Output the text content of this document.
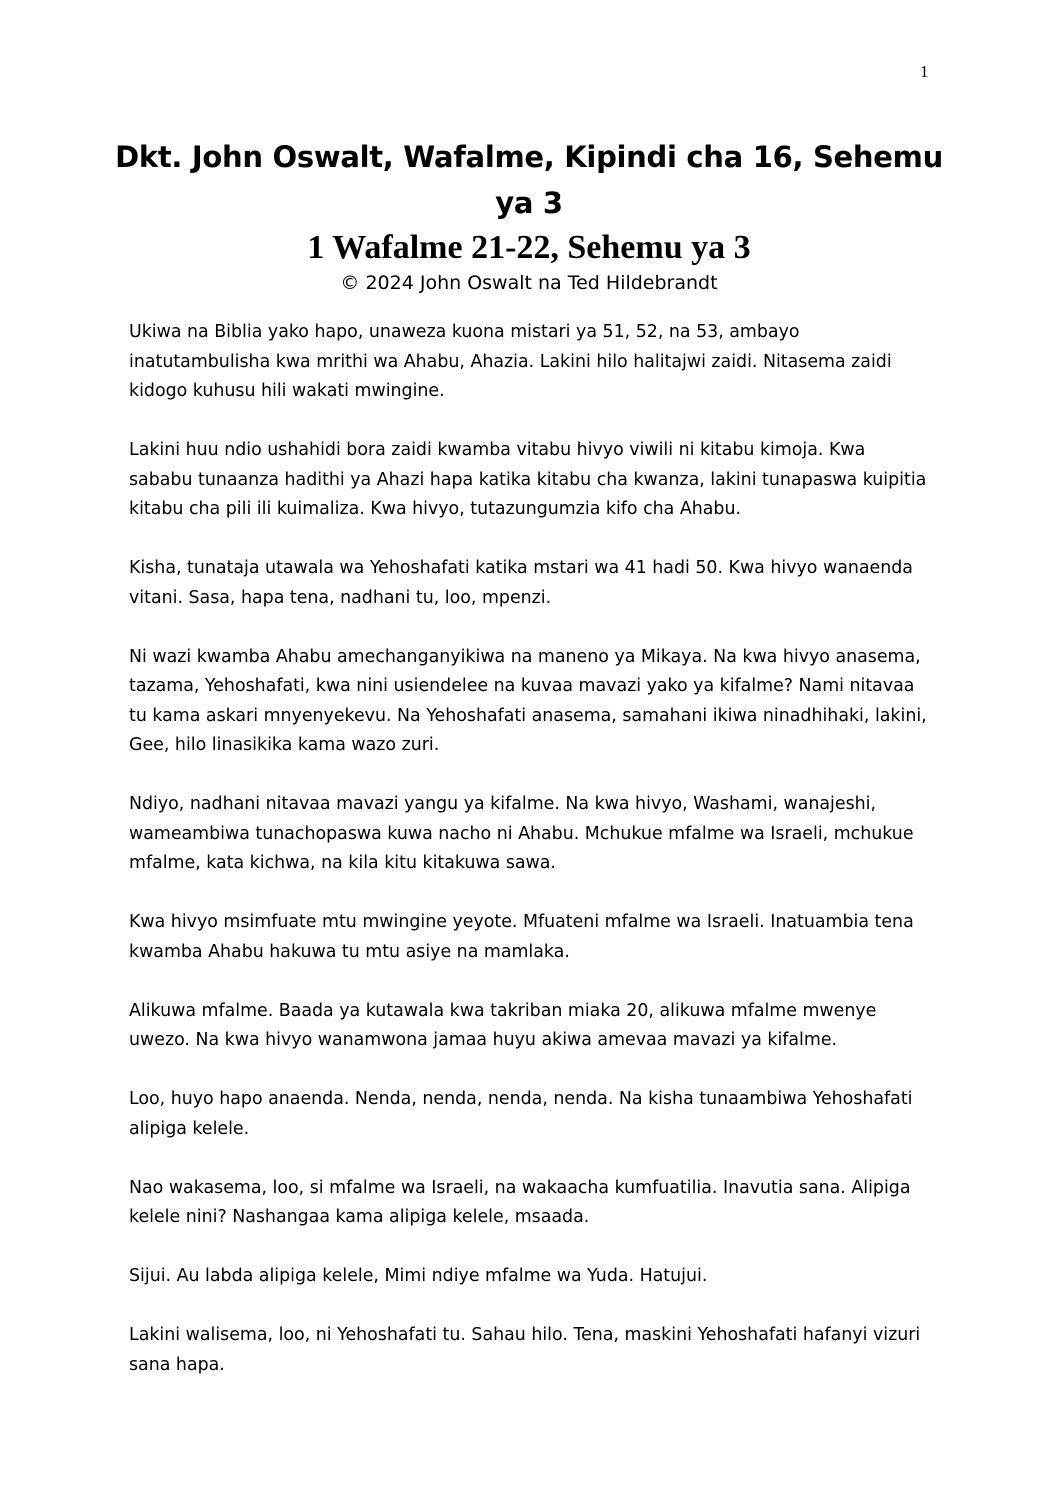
1
Dkt. John Oswalt, Wafalme, Kipindi cha 16, Sehemu ya 3
1 Wafalme 21-22, Sehemu ya 3

© 2024 John Oswalt na Ted Hildebrandt

Ukiwa na Biblia yako hapo, unaweza kuona mistari ya 51, 52, na 53, ambayo inatutambulisha kwa mrithi wa Ahabu, Ahazia. Lakini hilo halitajwi zaidi. Nitasema zaidi kidogo kuhusu hili wakati mwingine.

Lakini huu ndio ushahidi bora zaidi kwamba vitabu hivyo viwili ni kitabu kimoja. Kwa sababu tunaanza hadithi ya Ahazi hapa katika kitabu cha kwanza, lakini tunapaswa kuipitia kitabu cha pili ili kuimaliza. Kwa hivyo, tutazungumzia kifo cha Ahabu.

Kisha, tunataja utawala wa Yehoshafati katika mstari wa 41 hadi 50. Kwa hivyo wanaenda vitani. Sasa, hapa tena, nadhani tu, loo, mpenzi.

Ni wazi kwamba Ahabu amechanganyikiwa na maneno ya Mikaya. Na kwa hivyo anasema, tazama, Yehoshafati, kwa nini usiendelee na kuvaa mavazi yako ya kifalme? Nami nitavaa tu kama askari mnyenyekevu. Na Yehoshafati anasema, samahani ikiwa ninadhihaki, lakini, Gee, hilo linasikika kama wazo zuri.

Ndiyo, nadhani nitavaa mavazi yangu ya kifalme. Na kwa hivyo, Washami, wanajeshi, wameambiwa tunachopaswa kuwa nacho ni Ahabu. Mchukue mfalme wa Israeli, mchukue mfalme, kata kichwa, na kila kitu kitakuwa sawa.

Kwa hivyo msimfuate mtu mwingine yeyote. Mfuateni mfalme wa Israeli. Inatuambia tena kwamba Ahabu hakuwa tu mtu asiye na mamlaka.

Alikuwa mfalme. Baada ya kutawala kwa takriban miaka 20, alikuwa mfalme mwenye uwezo. Na kwa hivyo wanamwona jamaa huyu akiwa amevaa mavazi ya kifalme.

Loo, huyo hapo anaenda. Nenda, nenda, nenda, nenda. Na kisha tunaambiwa Yehoshafati alipiga kelele.

Nao wakasema, loo, si mfalme wa Israeli, na wakaacha kumfuatilia. Inavutia sana. Alipiga kelele nini? Nashangaa kama alipiga kelele, msaada.

Sijui. Au labda alipiga kelele, Mimi ndiye mfalme wa Yuda. Hatujui.

Lakini walisema, loo, ni Yehoshafati tu. Sahau hilo. Tena, maskini Yehoshafati hafanyi vizuri sana hapa.
